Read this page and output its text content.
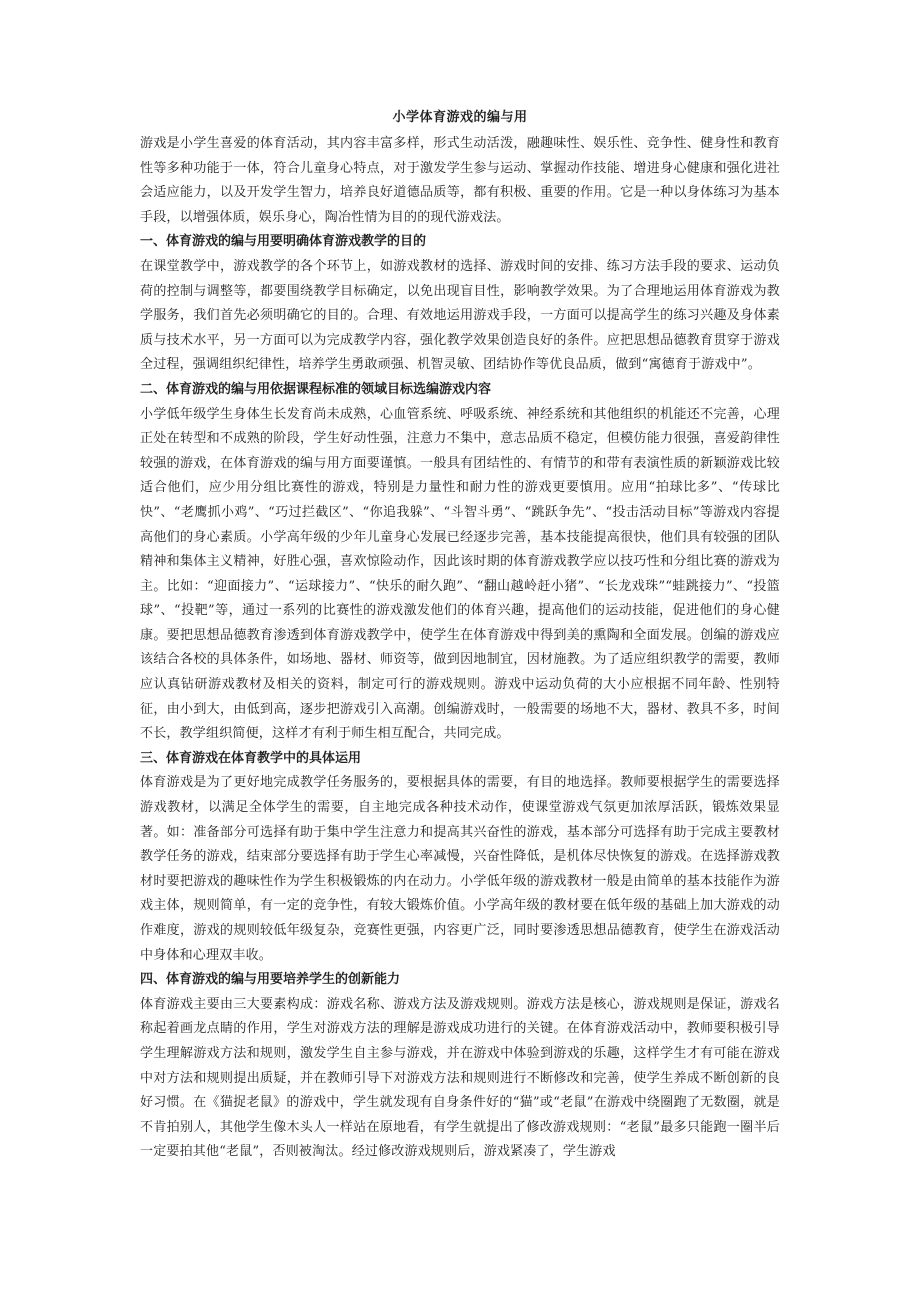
小学体育游戏的编与用

游戏是小学生喜爱的体育活动，其内容丰富多样，形式生动活泼，融趣味性、娱乐性、竞争性、健身性和教育性等多种功能于一体，符合儿童身心特点，对于激发学生参与运动、掌握动作技能、增进身心健康和强化进社会适应能力，以及开发学生智力，培养良好道德品质等，都有积极、重要的作用。它是一种以身体练习为基本手段，以增强体质，娱乐身心，陶冶性情为目的的现代游戏法。

一、体育游戏的编与用要明确体育游戏教学的目的

在课堂教学中，游戏教学的各个环节上，如游戏教材的选择、游戏时间的安排、练习方法手段的要求、运动负荷的控制与调整等，都要围绕教学目标确定，以免出现盲目性，影响教学效果。为了合理地运用体育游戏为教学服务，我们首先必须明确它的目的。合理、有效地运用游戏手段，一方面可以提高学生的练习兴趣及身体素质与技术水平，另一方面可以为完成教学内容，强化教学效果创造良好的条件。应把思想品德教育贯穿于游戏全过程，强调组织纪律性，培养学生勇敢顽强、机智灵敏、团结协作等优良品质，做到“寓德育于游戏中”。

二、体育游戏的编与用依据课程标准的领域目标选编游戏内容

小学低年级学生身体生长发育尚未成熟，心血管系统、呼吸系统、神经系统和其他组织的机能还不完善，心理正处在转型和不成熟的阶段，学生好动性强，注意力不集中，意志品质不稳定，但模仿能力很强，喜爱韵律性较强的游戏，在体育游戏的编与用方面要谨慎。一般具有团结性的、有情节的和带有表演性质的新颖游戏比较适合他们，应少用分组比赛性的游戏，特别是力量性和耐力性的游戏更要慎用。应用“拍球比多”、“传球比快”、“老鹰抓小鸡”、“巧过拦截区”、“你追我躲”、“斗智斗勇”、“跳跃争先”、“投击活动目标”等游戏内容提高他们的身心素质。小学高年级的少年儿童身心发展已经逐步完善，基本技能提高很快，他们具有较强的团队精神和集体主义精神，好胜心强，喜欢惊险动作，因此该时期的体育游戏教学应以技巧性和分组比赛的游戏为主。比如：“迎面接力”、“运球接力”、“快乐的耐久跑”、“翻山越岭赶小猪”、“长龙戏珠”“蛙跳接力”、“投篮球”、“投靶”等，通过一系列的比赛性的游戏激发他们的体育兴趣，提高他们的运动技能，促进他们的身心健康。要把思想品德教育渗透到体育游戏教学中，使学生在体育游戏中得到美的熏陶和全面发展。创编的游戏应该结合各校的具体条件，如场地、器材、师资等，做到因地制宜，因材施教。为了适应组织教学的需要，教师应认真钻研游戏教材及相关的资料，制定可行的游戏规则。游戏中运动负荷的大小应根据不同年龄、性别特征，由小到大，由低到高，逐步把游戏引入高潮。创编游戏时，一般需要的场地不大，器材、教具不多，时间不长，教学组织简便，这样才有利于师生相互配合，共同完成。

三、体育游戏在体育教学中的具体运用

体育游戏是为了更好地完成教学任务服务的，要根据具体的需要，有目的地选择。教师要根据学生的需要选择游戏教材，以满足全体学生的需要，自主地完成各种技术动作，使课堂游戏气氛更加浓厚活跃，锻炼效果显著。如：准备部分可选择有助于集中学生注意力和提高其兴奋性的游戏，基本部分可选择有助于完成主要教材教学任务的游戏，结束部分要选择有助于学生心率减慢，兴奋性降低，是机体尽快恢复的游戏。在选择游戏教材时要把游戏的趣味性作为学生积极锻炼的内在动力。小学低年级的游戏教材一般是由简单的基本技能作为游戏主体，规则简单，有一定的竞争性，有较大锻炼价值。小学高年级的教材要在低年级的基础上加大游戏的动作难度，游戏的规则较低年级复杂，竞赛性更强，内容更广泛，同时要渗透思想品德教育，使学生在游戏活动中身体和心理双丰收。

四、体育游戏的编与用要培养学生的创新能力

体育游戏主要由三大要素构成：游戏名称、游戏方法及游戏规则。游戏方法是核心，游戏规则是保证，游戏名称起着画龙点睛的作用，学生对游戏方法的理解是游戏成功进行的关键。在体育游戏活动中，教师要积极引导学生理解游戏方法和规则，激发学生自主参与游戏，并在游戏中体验到游戏的乐趣，这样学生才有可能在游戏中对方法和规则提出质疑，并在教师引导下对游戏方法和规则进行不断修改和完善，使学生养成不断创新的良好习惯。在《猫捉老鼠》的游戏中，学生就发现有自身条件好的“猫”或“老鼠”在游戏中绕圈跑了无数圈，就是不肯拍别人，其他学生像木头人一样站在原地看，有学生就提出了修改游戏规则：“老鼠”最多只能跑一圈半后一定要拍其他“老鼠”，否则被淘汰。经过修改游戏规则后，游戏紧凑了，学生游戏
